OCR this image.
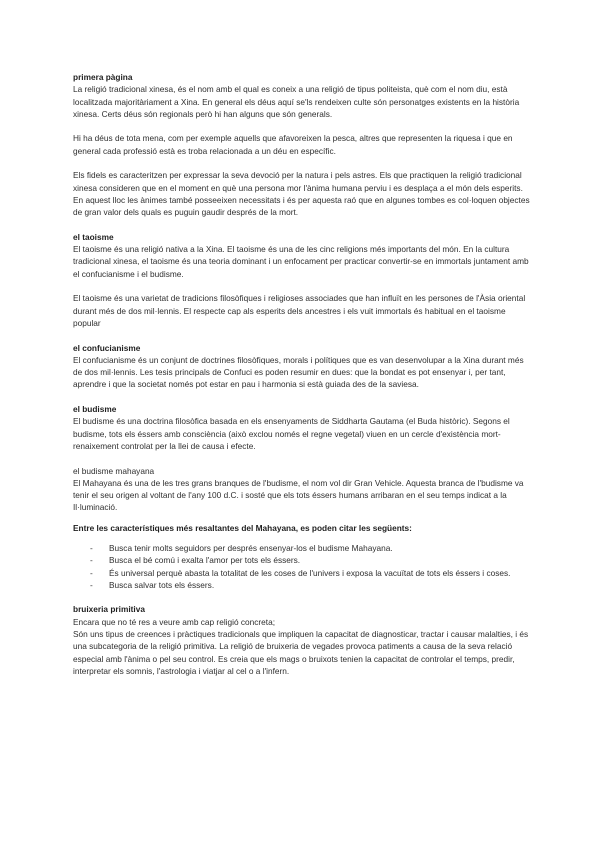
primera pàgina

La religió tradicional xinesa, és el nom amb el qual es coneix a una religió de tipus politeista, què com el nom diu, està localitzada majoritàriament a Xina. En general els déus aquí se'ls rendeixen culte són personatges existents en la història xinesa. Certs déus són regionals però hi han alguns que són generals.

Hi ha déus de tota mena, com per exemple aquells que afavoreixen la pesca, altres que representen la riquesa i que en general cada professió està es troba relacionada a un déu en específic.

Els fidels es caracteritzen per expressar la seva devoció per la natura i pels astres. Els que practiquen la religió tradicional xinesa consideren que en el moment en què una persona mor l'ànima humana perviu i es desplaça a el món dels esperits. En aquest lloc les ànimes també posseeixen necessitats i és per aquesta raó que en algunes tombes es col·loquen objectes de gran valor dels quals es puguin gaudir després de la mort.

el taoisme

El taoisme és una religió nativa a la Xina. El taoisme és una de les cinc religions més importants del món. En la cultura tradicional xinesa, el taoisme és una teoria dominant i un enfocament per practicar convertir-se en immortals juntament amb el confucianisme i el budisme.

El taoisme és una varietat de tradicions filosòfiques i religioses associades que han influït en les persones de l'Àsia oriental durant més de dos mil·lennis. El respecte cap als esperits dels ancestres i els vuit immortals és habitual en el taoisme popular

el confucianisme

El confucianisme és un conjunt de doctrines filosòfiques, morals i polítiques que es van desenvolupar a la Xina durant més de dos mil·lennis. Les tesis principals de Confuci es poden resumir en dues: que la bondat es pot ensenyar i, per tant, aprendre i que la societat només pot estar en pau i harmonia si està guiada des de la saviesa.

el budisme

El budisme és una doctrina filosòfica basada en els ensenyaments de Siddharta Gautama (el Buda històric). Segons el budisme, tots els éssers amb consciència (això exclou només el regne vegetal) viuen en un cercle d'existència mort-renaixement controlat per la llei de causa i efecte.

el budisme mahayana

El Mahayana és una de les tres grans branques de l'budisme, el nom vol dir Gran Vehicle. Aquesta branca de l'budisme va tenir el seu origen al voltant de l'any 100 d.C. i sosté que els tots éssers humans arribaran en el seu temps indicat a la Il·luminació.

Entre les característiques més resaltantes del Mahayana, es poden citar les següents:
- Busca tenir molts seguidors per després ensenyar-los el budisme Mahayana.
- Busca el bé comú i exalta l'amor per tots els éssers.
- És universal perquè abasta la totalitat de les coses de l'univers i exposa la vacuïtat de tots els éssers i coses.
- Busca salvar tots els éssers.
bruixeria primitiva

Encara que no té res a veure amb cap religió concreta;

Són uns tipus de creences i pràctiques tradicionals que impliquen la capacitat de diagnosticar, tractar i causar malalties, i és una subcategoria de la religió primitiva. La religió de bruixeria de vegades provoca patiments a causa de la seva relació especial amb l'ànima o pel seu control. Es creia que els mags o bruixots tenien la capacitat de controlar el temps, predir, interpretar els somnis, l'astrologia i viatjar al cel o a l'infern.
